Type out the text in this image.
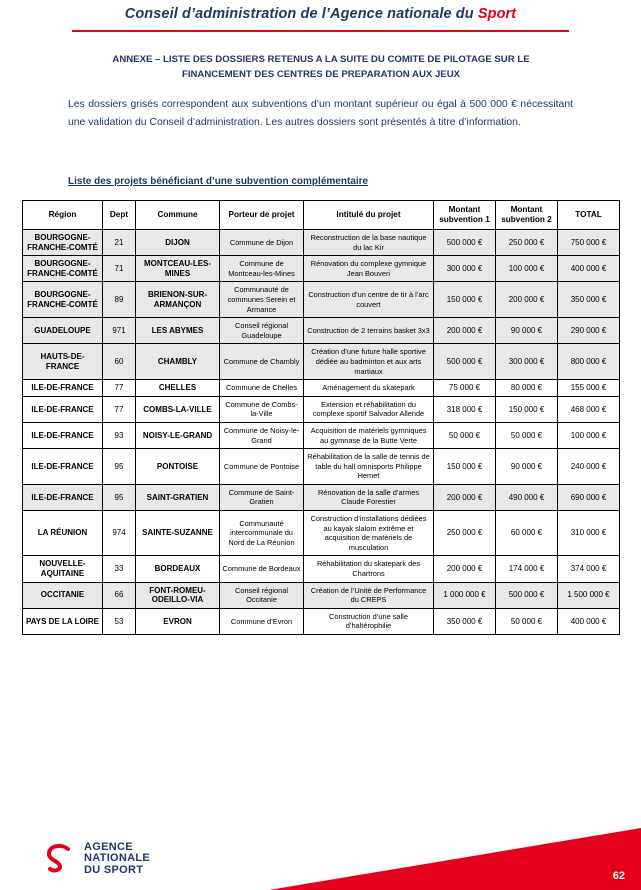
Conseil d’administration de l’Agence nationale du Sport
ANNEXE – LISTE DES DOSSIERS RETENUS A LA SUITE DU COMITE DE PILOTAGE SUR LE FINANCEMENT DES CENTRES DE PREPARATION AUX JEUX
Les dossiers grisés correspondent aux subventions d’un montant supérieur ou égal à 500 000 € nécessitant une validation du Conseil d’administration. Les autres dossiers sont présentés à titre d’information.
Liste des projets bénéficiant d’une subvention complémentaire
Région	Dept	Commune	Porteur de projet	Intitulé du projet	Montant subvention 1	Montant subvention 2	TOTAL
BOURGOGNE-FRANCHE-COMTÉ	21	DIJON	Commune de Dijon	Reconstruction de la base nautique du lac Kir	500 000 €	250 000 €	750 000 €
BOURGOGNE-FRANCHE-COMTÉ	71	MONTCEAU-LES-MINES	Commune de Montceau-les-Mines	Rénovation du complexe gymnique Jean Bouveri	300 000 €	100 000 €	400 000 €
BOURGOGNE-FRANCHE-COMTÉ	89	BRIENON-SUR-ARMANÇON	Communauté de communes Serein et Armance	Construction d’un centre de tir à l’arc couvert	150 000 €	200 000 €	350 000 €
GUADELOUPE	971	LES ABYMES	Conseil régional Guadeloupe	Construction de 2 terrains basket 3x3	200 000 €	90 000 €	290 000 €
HAUTS-DE-FRANCE	60	CHAMBLY	Commune de Chambly	Création d’une future halle sportive dédiée au badminton et aux arts martiaux	500 000 €	300 000 €	800 000 €
ILE-DE-FRANCE	77	CHELLES	Commune de Chelles	Aménagement du skatepark	75 000 €	80 000 €	155 000 €
ILE-DE-FRANCE	77	COMBS-LA-VILLE	Commune de Combs-la-Ville	Extension et réhabilitation du complexe sportif Salvador Allende	318 000 €	150 000 €	468 000 €
ILE-DE-FRANCE	93	NOISY-LE-GRAND	Commune de Noisy-le-Grand	Acquisition de matériels gymniques au gymnase de la Butte Verte	50 000 €	50 000 €	100 000 €
ILE-DE-FRANCE	95	PONTOISE	Commune de Pontoise	Réhabilitation de la salle de tennis de table du hall omnisports Philippe Hemet	150 000 €	90 000 €	240 000 €
ILE-DE-FRANCE	95	SAINT-GRATIEN	Commune de Saint-Gratien	Rénovation de la salle d’armes Claude Forestier	200 000 €	490 000 €	690 000 €
LA RÉUNION	974	SAINTE-SUZANNE	Communauté intercommunale du Nord de La Réunion	Construction d’installations dédiées au kayak slalom extrême et acquisition de matériels de musculation	250 000 €	60 000 €	310 000 €
NOUVELLE-AQUITAINE	33	BORDEAUX	Commune de Bordeaux	Réhabilitation du skatepark des Chartrons	200 000 €	174 000 €	374 000 €
OCCITANIE	66	FONT-ROMEU-ODEILLO-VIA	Conseil régional Occitanie	Création de l’Unité de Performance du CREPS	1 000 000 €	500 000 €	1 500 000 €
PAYS DE LA LOIRE	53	EVRON	Commune d’Evron	Construction d’une salle d’haltérophilie	350 000 €	50 000 €	400 000 €
62
AGENCE
NATIONALE
DU SPORT
